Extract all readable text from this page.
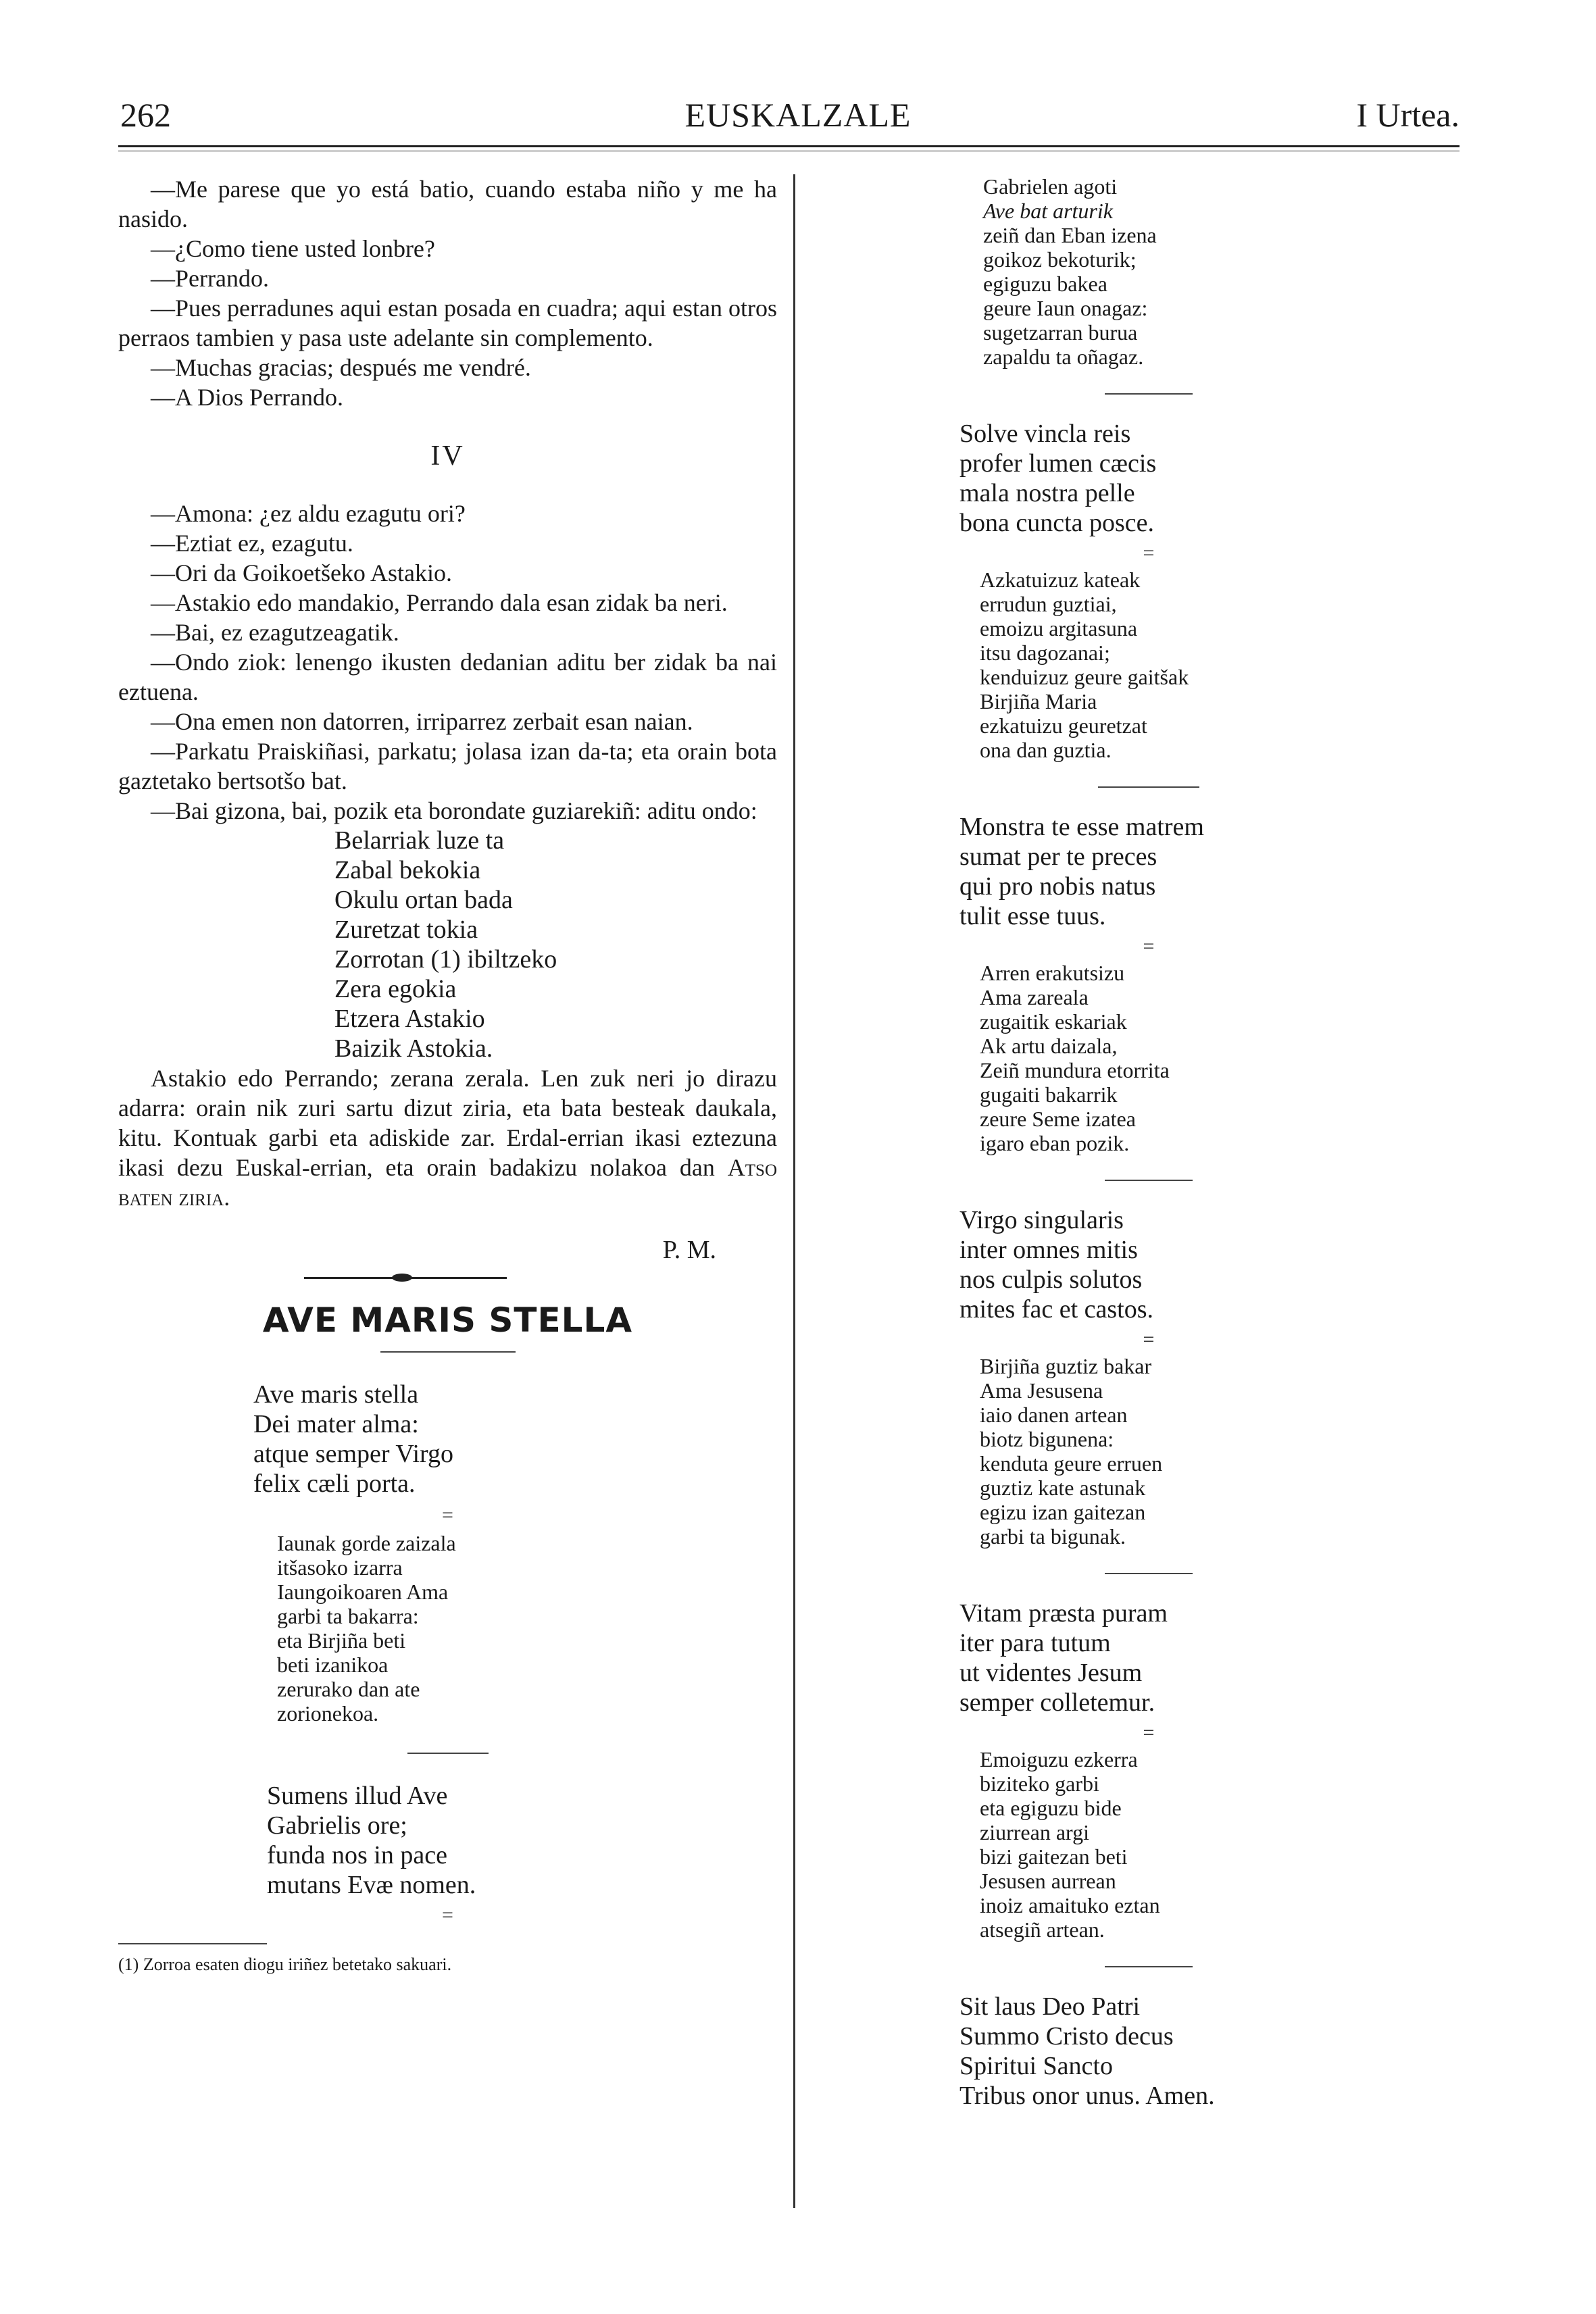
262	EUSKALZALE	I Urtea.

—Me parese que yo está batio, cuando estaba niño y me ha nasido.

—¿Como tiene usted lonbre?

—Perrando.

—Pues perradunes aqui estan posada en cuadra; aqui estan otros perraos tambien y pasa uste adelante sin complemento.

—Muchas gracias; después me vendré.

—A Dios Perrando.

IV

—Amona: ¿ez aldu ezagutu ori?

—Eztiat ez, ezagutu.

—Ori da Goikoetšeko Astakio.

—Astakio edo mandakio, Perrando dala esan zidak ba neri.

—Bai, ez ezagutzeagatik.

—Ondo ziok: lenengo ikusten dedanian aditu ber zidak ba nai eztuena.

—Ona emen non datorren, irriparrez zerbait esan naian.

—Parkatu Praiskiñasi, parkatu; jolasa izan da-ta; eta orain bota gaztetako bertsotšo bat.

—Bai gizona, bai, pozik eta borondate guziarekiñ: aditu ondo:

Belarriak luze ta
Zabal bekokia
Okulu ortan bada
Zuretzat tokia
Zorrotan (1) ibiltzeko
Zera egokia
Etzera Astakio
Baizik Astokia.

Astakio edo Perrando; zerana zerala. Len zuk neri jo dirazu adarra: orain nik zuri sartu dizut ziria, eta bata besteak daukala, kitu. Kontuak garbi eta adiskide zar. Erdal-errian ikasi eztezuna ikasi dezu Euskal-errian, eta orain badakizu nolakoa dan Atso baten ziria.

P. M.
AVE MARIS STELLA
Ave maris stella
Dei mater alma:
atque semper Virgo
felix cæli porta.
=
Iaunak gorde zaizala
itšasoko izarra
Iaungoikoaren Ama
garbi ta bakarra:
eta Birjiña beti
beti izanikoa
zerurako dan ate
zorionekoa.
Sumens illud Ave
Gabrielis ore;
funda nos in pace
mutans Evæ nomen.
=
(1) Zorroa esaten diogu iriñez betetako sakuari.
Gabrielen agoti
Ave bat arturik
zeiñ dan Eban izena
goikoz bekoturik;
egiguzu bakea
geure Iaun onagaz:
sugetzarran burua
zapaldu ta oñagaz.
Solve vincla reis
profer lumen cæcis
mala nostra pelle
bona cuncta posce.
=
Azkatuizuz kateak
errudun guztiai,
emoizu argitasuna
itsu dagozanai;
kenduizuz geure gaitšak
Birjiña Maria
ezkatuizu geuretzat
ona dan guztia.
Monstra te esse matrem
sumat per te preces
qui pro nobis natus
tulit esse tuus.
=
Arren erakutsizu
Ama zareala
zugaitik eskariak
Ak artu daizala,
Zeiñ mundura etorrita
gugaiti bakarrik
zeure Seme izatea
igaro eban pozik.
Virgo singularis
inter omnes mitis
nos culpis solutos
mites fac et castos.
=
Birjiña guztiz bakar
Ama Jesusena
iaio danen artean
biotz bigunena:
kenduta geure erruen
guztiz kate astunak
egizu izan gaitezan
garbi ta bigunak.
Vitam præsta puram
iter para tutum
ut videntes Jesum
semper colletemur.
=
Emoiguzu ezkerra
biziteko garbi
eta egiguzu bide
ziurrean argi
bizi gaitezan beti
Jesusen aurrean
inoiz amaituko eztan
atsegiñ artean.
Sit laus Deo Patri
Summo Cristo decus
Spiritui Sancto
Tribus onor unus. Amen.
